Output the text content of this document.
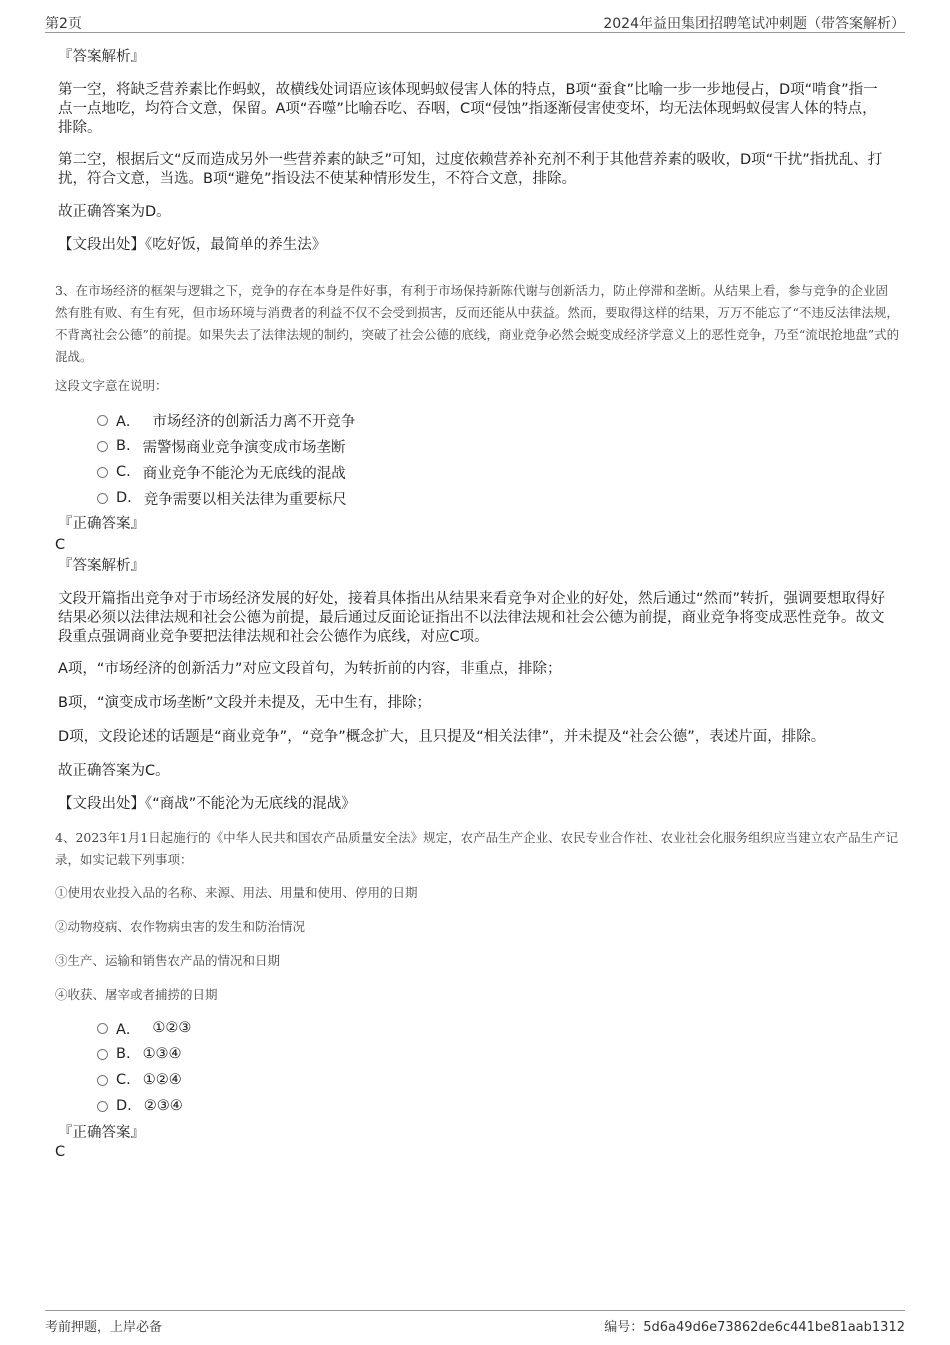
第2页	2024年益田集团招聘笔试冲刺题（带答案解析）
『答案解析』
第一空，将缺乏营养素比作蚂蚁，故横线处词语应该体现蚂蚁侵害人体的特点，B项“蚕食”比喻一步一步地侵占，D项“啃食”指一点一点地吃，均符合文意，保留。A项“吞噬”比喻吞吃、吞咽，C项“侵蚀”指逐渐侵害使变坏，均无法体现蚂蚁侵害人体的特点，排除。
第二空，根据后文“反而造成另外一些营养素的缺乏”可知，过度依赖营养补充剂不利于其他营养素的吸收，D项“干扰”指扰乱、打扰，符合文意，当选。B项“避免”指设法不使某种情形发生，不符合文意，排除。
故正确答案为D。
【文段出处】《吃好饭，最简单的养生法》
3、在市场经济的框架与逻辑之下，竞争的存在本身是件好事，有利于市场保持新陈代谢与创新活力，防止停滞和垄断。从结果上看，参与竞争的企业固然有胜有败、有生有死，但市场环境与消费者的利益不仅不会受到损害，反而还能从中获益。然而，要取得这样的结果，万万不能忘了“不违反法律法规，不背离社会公德”的前提。如果失去了法律法规的制约，突破了社会公德的底线，商业竞争必然会蜕变成经济学意义上的恶性竞争，乃至“流氓抢地盘”式的混战。
这段文字意在说明：
A． 市场经济的创新活力离不开竞争
B. 需警惕商业竞争演变成市场垄断
C. 商业竞争不能沦为无底线的混战
D. 竞争需要以相关法律为重要标尺
『正确答案』
C
『答案解析』
文段开篇指出竞争对于市场经济发展的好处，接着具体指出从结果来看竞争对企业的好处，然后通过“然而”转折，强调要想取得好结果必须以法律法规和社会公德为前提，最后通过反面论证指出不以法律法规和社会公德为前提，商业竞争将变成恶性竞争。故文段重点强调商业竞争要把法律法规和社会公德作为底线，对应C项。
A项，“市场经济的创新活力”对应文段首句，为转折前的内容，非重点，排除；
B项，“演变成市场垄断”文段并未提及，无中生有，排除；
D项，文段论述的话题是“商业竞争”，“竞争”概念扩大，且只提及“相关法律”，并未提及“社会公德”，表述片面，排除。
故正确答案为C。
【文段出处】《“商战”不能沦为无底线的混战》
4、2023年1月1日起施行的《中华人民共和国农产品质量安全法》规定，农产品生产企业、农民专业合作社、农业社会化服务组织应当建立农产品生产记录，如实记载下列事项：
①使用农业投入品的名称、来源、用法、用量和使用、停用的日期
②动物疫病、农作物病虫害的发生和防治情况
③生产、运输和销售农产品的情况和日期
④收获、屠宰或者捕捞的日期
A． ①②③
B. ①③④
C. ①②④
D. ②③④
『正确答案』
C
考前押题，上岸必备	编号：5d6a49d6e73862de6c441be81aab1312
